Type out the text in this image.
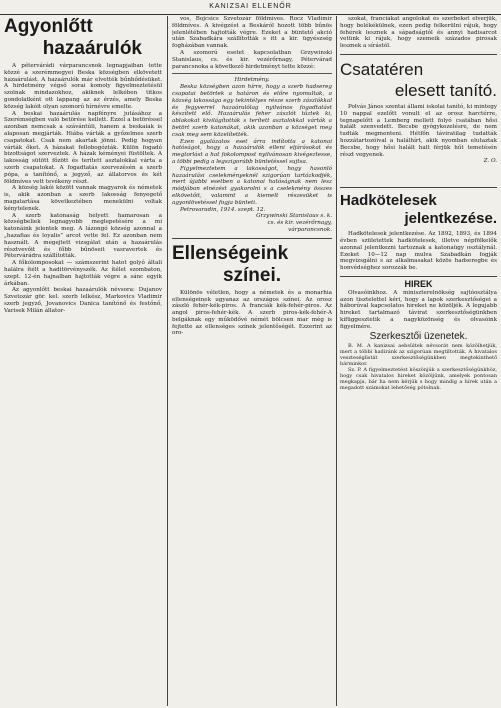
KANIZSAI ELLENŐR

Agyonlőtt

hazaárulók

A pétervárádi várparancsnok legnapjaiban tette közzé a szerémmegyei Beska községben elkövetett hazaárulást. A hazaárulók már elvették bűnhődésüket. A hirdetmény végső sorai komoly figyelmeztetésül szolnak mindazokhoz, akiknek lelkében titkos gondolatként ott lappang az az érzés, amely Beska község lakóit olyan szomorú hírnévre emelte.

A beskai hazaárulás napfényre jutásához a Szerémségben való betörése kellett. Ezzel a betöréssel azonban nemcsak a szávántúli, hanem a beskaiak is alaposan megjárták. Hiába várták a győzelmes szerb csapatokat. Csak nem akartak jönni. Pedig hogyan várták őket. A házakat fellobogózták. Külön fogadó bizottságot szerveztek. A házak kéményei füstöltek. A lakosság sütött főzött és terített asztalokkal várta a szerb csapatokat. A fogadtatás szervezésén a szerb pópa, a tanítónő, a jegyző, az állatorvos és két földmíves vett tevékeny részt.

A község lakói között vannak magyarok és németek is, akik azonban a szerb lakosság fenyegető magatartása következtében menekülni voltak kénytelenek.

A szerb katonaság helyett hamarosan a községbeliek legnagyobb meglepetésére a mi katonáink jelentek meg. A lázongó község azonnal a „hazafias és loyalis” arcot vette fel. Ez azonban nem használt. A megejtett vizsgálat után a hazaárulás résztvevőit és főbb bűnöseit vasravertek és Pétervárádra szállították.

A főkolomposokat — számszerint hatot golyó általi halálra ítélt a haditörvényszék. Az ítélet szombaton, szept. 12-én hajnalban hajtották végre a sánc egyik árkában.

Az agyonlőtt beskai hazaárulók névsora: Dujanov Szvetozár gör. kel. szerb lelkész, Markovics Vladimir szerb jegyző, Jovanovics Danica tanítónő és festőnő, Varisek Milán állator-

vos, Bojcsics Szvetozár földmíves. Rocz Vladimir földmíves. A kivégzést a Beskáról hozott több bűnös jelenlétében hajtották végre. Ezeket a büntető akció után Szabadkára szállították s itt a kir. ügyészség fogházában vannak.

A szomorú esetet kapcsolatban Grzywinski Stanislaus, cs. és kir. vezérőrnagy, Pétervárad parancsnoka a következő hirdetményt tette közzé:

Hirdetmény.

Beska községben azon hírre, hogy a szerb hadsereg csapatai betörtek a határon és előre nyomultak, a község lakossága egy tekintélyes része szerb zászlókkal és fegyverrel hazaárulólag nyilvános fogadtatást készített elő. Hazaárulás feher zászlót tűztek ki, ablakokat kivilágították s terített asztalokkal várták a betört szerb katonákat, akik azonban a községet meg csak meg sem közelítették.

Ezen gyalázatos eset árra indította a katonai hatóságot, hogy a hazaárulók elleni eljárásokat és megtorlást a hat fokolompost nyilvánosan kivégeztesse, a többi pedig a legszigorúbb büntetéssel sujtsa.

Figyelmeztetem a lakosságot, hogy hasonló hazaárulási cselekményeknél szigorúan tartózkodjék, mert újabbi esetben a katonai hatóságnak nem lesz módjában elnézést gyakorolni s a cselekmény összes elkövetőit, valamint a kiemelt részesüket is agyonlövetéssel fogja bünteti.

Petrovaradin, 1914. szept. 12.

Grzywinski Stanislaus s. k.

cs. és kir. vezérőrnagy,

várparancsnok.

Ellenségeink

színei.

Különös véletlen, hogy a németek és a monarhia ellenségeinek ugyanaz az országos színei. Az orosz zászló fehér-kék-piros. A franciák kék-fehér-piros. Az angol piros-fehér-kék. A szerb piros-kék-fehér-A belgáknak egy működővé némét bölcsen mar még is fejtette az ellenséges színek jelentőségét. Ezzerint az oro-

szokat, franciákat angolokat és szerbeket elverjük, hogy belékékülnek, ezen pedig felkerülni rájuk, hogy fehérek lesznek a sápadságtól és annyi hadisarcot vetünk ki rájuk, hogy szemeik százados pirosak lesznek a sírástól.

Csatatéren

elesett tanító.

Polvás János szentai állami iskolai tanító, ki mintegy 10 nappal ezelőtt vonult el az orosz harctérre, tegnapelőtt a Lemberg mellett folyó csatában hősi halált szenvedett. Becsbe gyógykezelésre, de nem tudták megmenteni. Hétfőn táviratilag tudatták hozzátartozóival a halálhírt, akik nyomban elutaztak Becsbe, hogy hősi halált halt férjük hűt temetésén részt vegyenek.

Z. O.

Hadkötelesek

jelentkezése.

Hadkötelesek jelentkezése. Az 1892, 1893, és 1894 évben születettek hadkötelesek, illetve népfölkelők azonnal jelentkezni tartoznak a katonaügy osztálynál. Ezeket 10—12 nap mulva Szabadkán fogják megvizsgálni s az alkalmasakat közös hadseregbe és honvédséghez sorozzák be.

HIREK

Olvasóinkhoz. A miniszterelnökség sajtóosztálya azon tisztelettel kéri, hogy a lapok szerkesztőségei a háborúval kapcsolatos hireket ne közöljék. A legujabb hireket tartalmazó távirat szerkesztőségünkben kifüggesztetik a nagyközönség és olvasóink figyelmére.

Szerkesztői üzenetek.

B. M. A kanizsai aebsültek névsorát nem közölhetjük, mert a többi hadiránk az szigorúan megtiltották. A hivatalos veszteséglistát szerkesztőségünkben megtekinthető bárminkor.

Sz. P. A figyelmeztetést köszönjük a szerkesztőségünkhöz, hogy csak hivatalos hireket közöljünk, amelyek pontosan megkapja, bár ha nem kérjük s hogy mindig a hírek után a megadott számokat lehetőség pótolnak.
